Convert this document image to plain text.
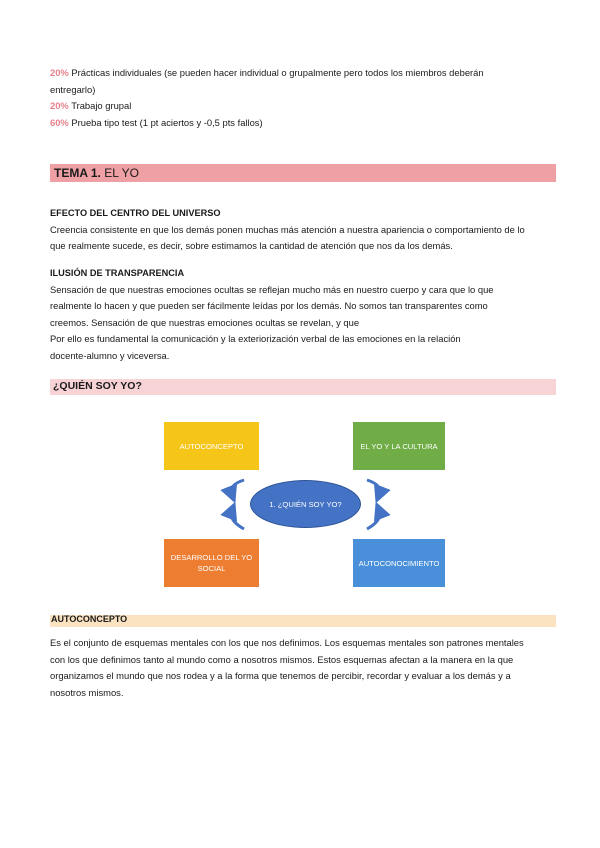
20% Prácticas individuales (se pueden hacer individual o grupalmente pero todos los miembros deberán
entregarlo)
20% Trabajo grupal
60% Prueba tipo test (1 pt aciertos y -0,5 pts fallos)
TEMA 1. EL YO
EFECTO DEL CENTRO DEL UNIVERSO
Creencia consistente en que los demás ponen muchas más atención a nuestra apariencia o comportamiento de lo
que realmente sucede, es decir, sobre estimamos la cantidad de atención que nos da los demás.
ILUSIÓN DE TRANSPARENCIA
Sensación de que nuestras emociones ocultas se reflejan mucho más en nuestro cuerpo y cara que lo que
realmente lo hacen y que pueden ser fácilmente leídas por los demás. No somos tan transparentes como
creemos. Sensación de que nuestras emociones ocultas se revelan, y que
Por ello es fundamental la comunicación y la exteriorización verbal de las emociones en la relación
docente-alumno y viceversa.
¿QUIÉN SOY YO?
AUTOCONCEPTO	EL YO Y LA CULTURA
DESARROLLO DEL YO SOCIAL
AUTOCONOCIMIENTO
1. ¿QUIÉN SOY YO?
AUTOCONCEPTO
Es el conjunto de esquemas mentales con los que nos definimos. Los esquemas mentales son patrones mentales
con los que definimos tanto al mundo como a nosotros mismos. Estos esquemas afectan a la manera en la que
organizamos el mundo que nos rodea y a la forma que tenemos de percibir, recordar y evaluar a los demás y a
nosotros mismos.
